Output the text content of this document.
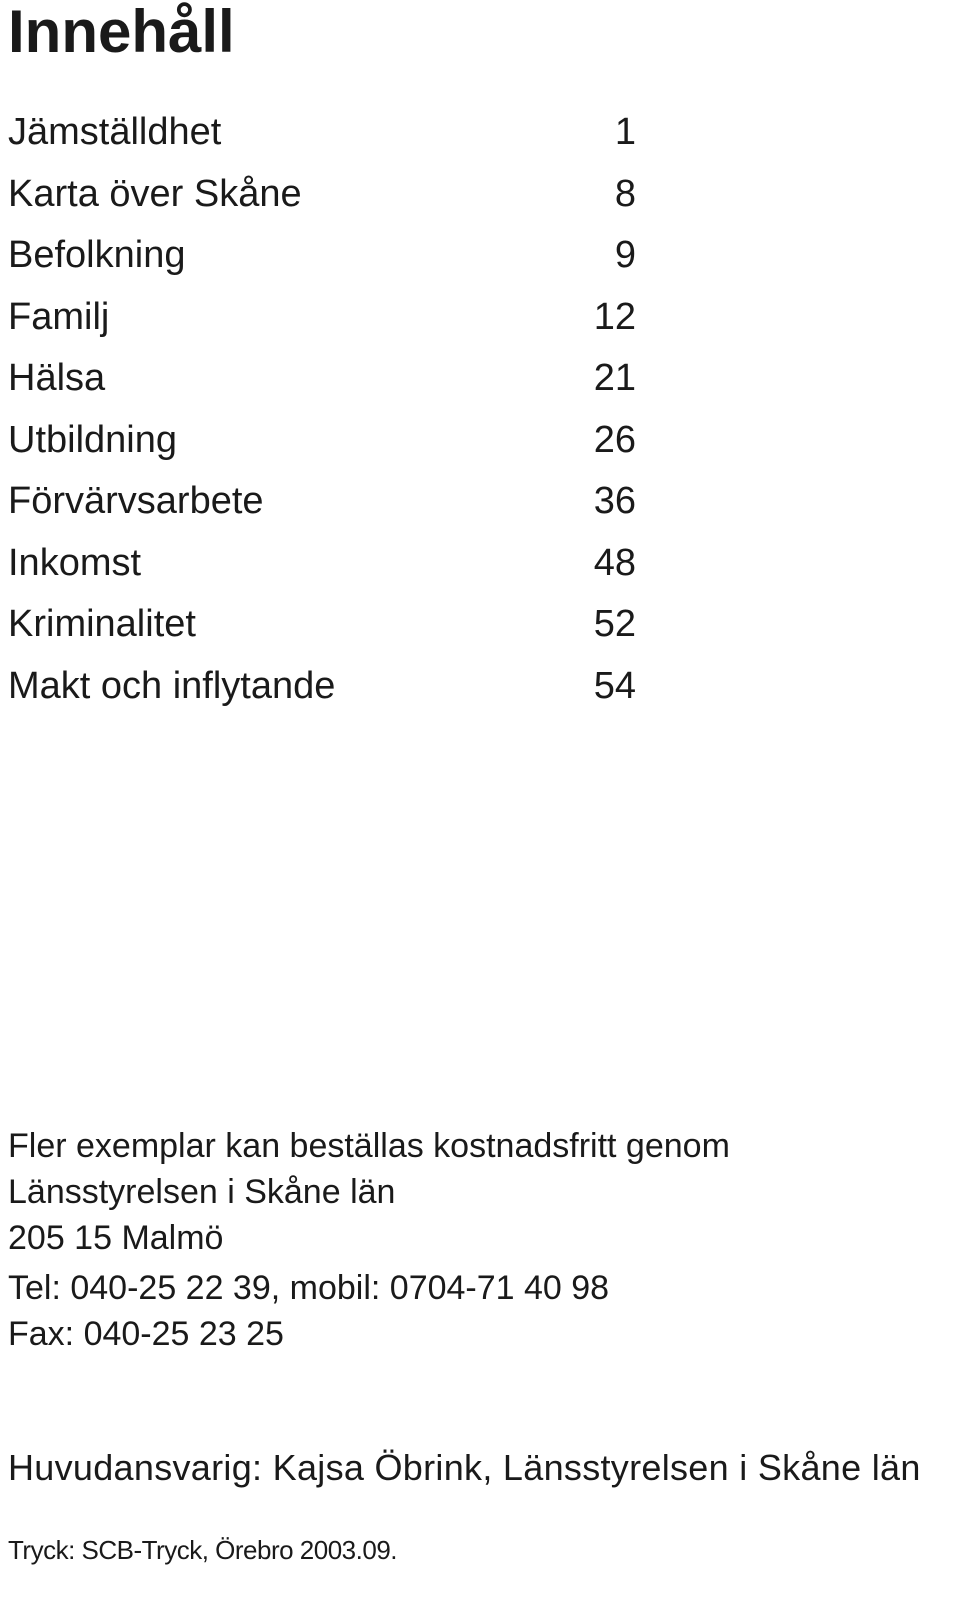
Innehåll
Jämställdhet	1
Karta över Skåne	8
Befolkning	9
Familj	12
Hälsa	21
Utbildning	26
Förvärvsarbete	36
Inkomst	48
Kriminalitet	52
Makt och inflytande	54
Fler exemplar kan beställas kostnadsfritt genom
Länsstyrelsen i Skåne län
205 15 Malmö
Tel: 040-25 22 39, mobil: 0704-71 40 98
Fax: 040-25 23 25
Huvudansvarig: Kajsa Öbrink, Länsstyrelsen i Skåne län
Tryck: SCB-Tryck, Örebro 2003.09.
